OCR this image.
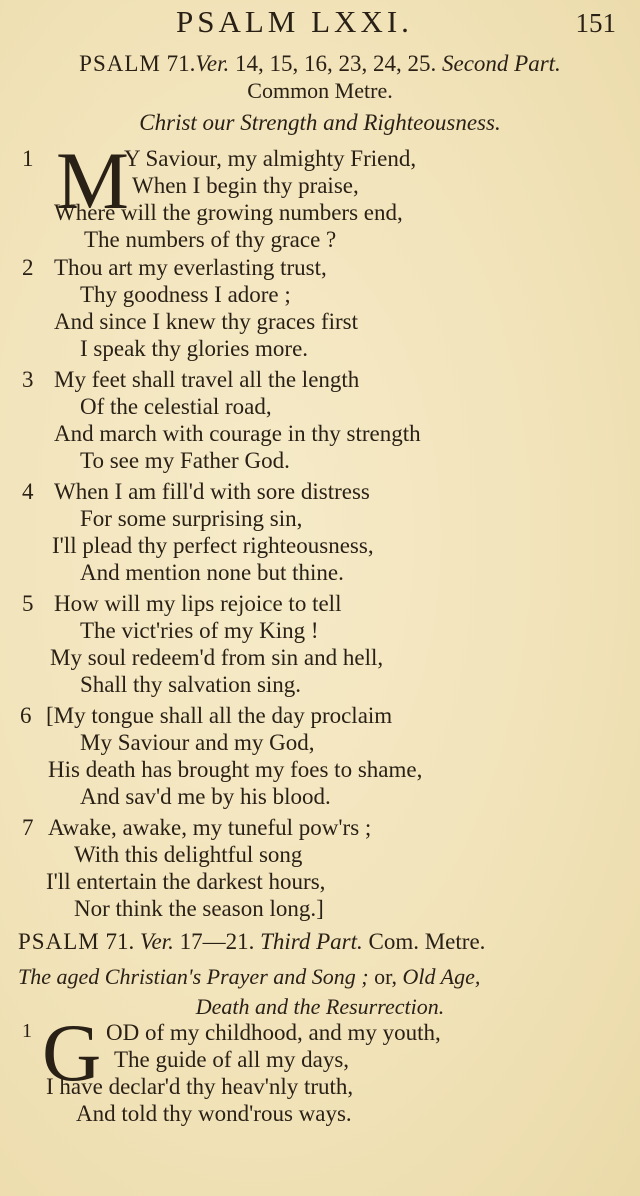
PSALM LXXI.	151
PSALM 71.Ver. 14, 15, 16, 23, 24, 25. Second Part.
Common Metre.
Christ our Strength and Righteousness.
1 M
Y Saviour, my almighty Friend,
When I begin thy praise,
Where will the growing numbers end,
The numbers of thy grace ?
2 Thou art my everlasting trust,
Thy goodness I adore ;
And since I knew thy graces first
I speak thy glories more.
3 My feet shall travel all the length
Of the celestial road,
And march with courage in thy strength
To see my Father God.
4 When I am fill'd with sore distress
For some surprising sin,
I'll plead thy perfect righteousness,
And mention none but thine.
5 How will my lips rejoice to tell
The vict'ries of my King !
My soul redeem'd from sin and hell,
Shall thy salvation sing.
6 [My tongue shall all the day proclaim
My Saviour and my God,
His death has brought my foes to shame,
And sav'd me by his blood.
7 Awake, awake, my tuneful pow'rs ;
With this delightful song
I'll entertain the darkest hours,
Nor think the season long.]
PSALM 71. Ver. 17—21. Third Part. Com. Metre.
The aged Christian's Prayer and Song ; or, Old Age,
Death and the Resurrection.
1 G OD of my childhood, and my youth,
The guide of all my days,
I have declar'd thy heav'nly truth,
And told thy wond'rous ways.
